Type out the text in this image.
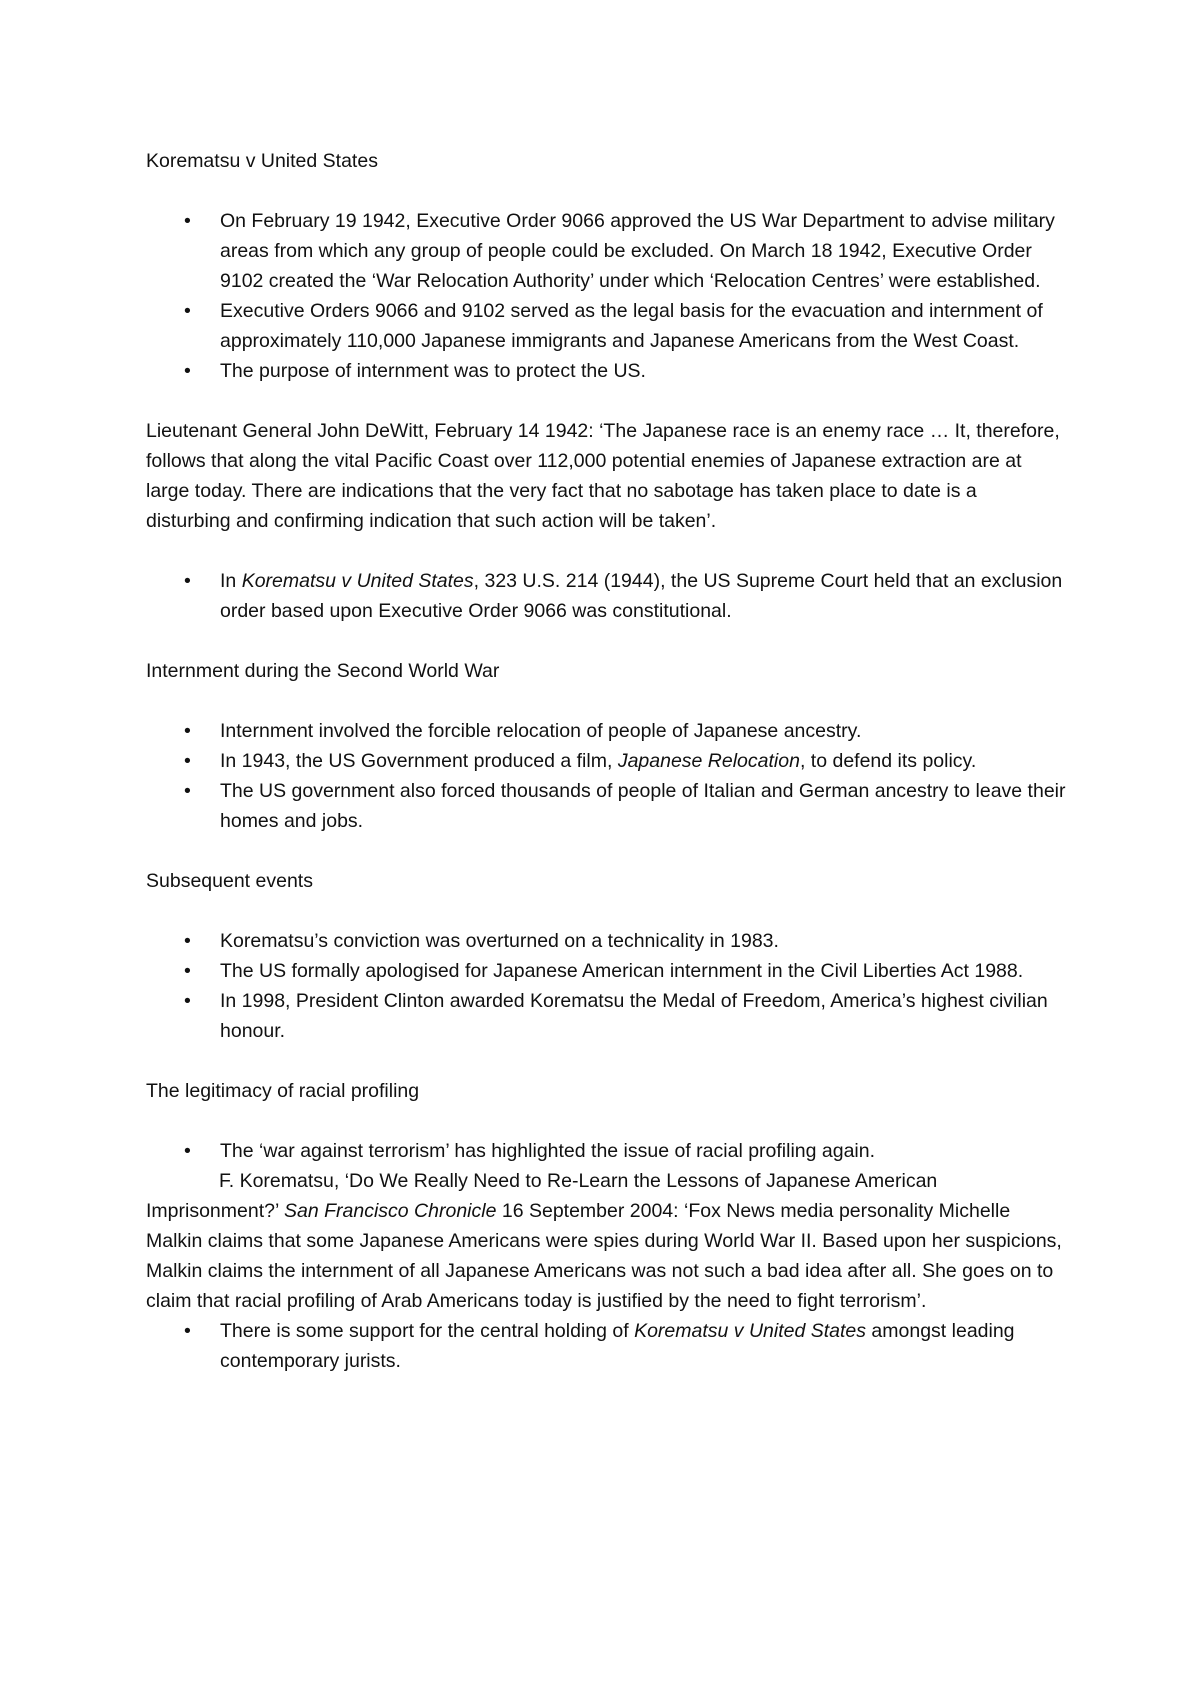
Korematsu v United States

• On February 19 1942, Executive Order 9066 approved the US War Department to advise military areas from which any group of people could be excluded. On March 18 1942, Executive Order 9102 created the ‘War Relocation Authority’ under which ‘Relocation Centres’ were established.
• Executive Orders 9066 and 9102 served as the legal basis for the evacuation and internment of approximately 110,000 Japanese immigrants and Japanese Americans from the West Coast.
• The purpose of internment was to protect the US.

Lieutenant General John DeWitt, February 14 1942: ‘The Japanese race is an enemy race … It, therefore, follows that along the vital Pacific Coast over 112,000 potential enemies of Japanese extraction are at large today. There are indications that the very fact that no sabotage has taken place to date is a disturbing and confirming indication that such action will be taken’.

• In Korematsu v United States, 323 U.S. 214 (1944), the US Supreme Court held that an exclusion order based upon Executive Order 9066 was constitutional.

Internment during the Second World War

• Internment involved the forcible relocation of people of Japanese ancestry.
• In 1943, the US Government produced a film, Japanese Relocation, to defend its policy.
• The US government also forced thousands of people of Italian and German ancestry to leave their homes and jobs.

Subsequent events

• Korematsu’s conviction was overturned on a technicality in 1983.
• The US formally apologised for Japanese American internment in the Civil Liberties Act 1988.
• In 1998, President Clinton awarded Korematsu the Medal of Freedom, America’s highest civilian honour.

The legitimacy of racial profiling

• The ‘war against terrorism’ has highlighted the issue of racial profiling again.

F. Korematsu, ‘Do We Really Need to Re-Learn the Lessons of Japanese American Imprisonment?’ San Francisco Chronicle 16 September 2004: ‘Fox News media personality Michelle Malkin claims that some Japanese Americans were spies during World War II. Based upon her suspicions, Malkin claims the internment of all Japanese Americans was not such a bad idea after all. She goes on to claim that racial profiling of Arab Americans today is justified by the need to fight terrorism’.

• There is some support for the central holding of Korematsu v United States amongst leading contemporary jurists.
